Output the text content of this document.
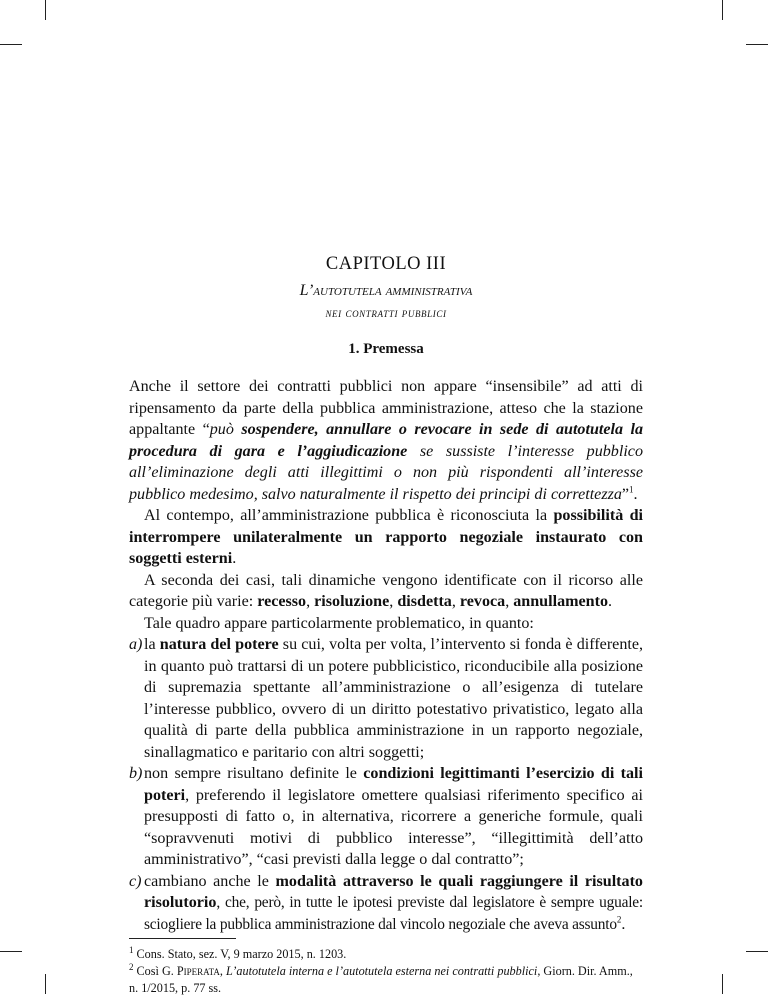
CAPITOLO III
L’autotutela amministrativa
nei contratti pubblici
1. Premessa

Anche il settore dei contratti pubblici non appare “insensibile” ad atti di ripensamento da parte della pubblica amministrazione, atteso che la stazione appaltante “può sospendere, annullare o revocare in sede di autotutela la procedura di gara e l’aggiudicazione se sussiste l’interesse pubblico all’eliminazione degli atti illegittimi o non più rispondenti all’interesse pubblico medesimo, salvo naturalmente il rispetto dei principi di correttezza”$^1$.

Al contempo, all’amministrazione pubblica è riconosciuta la possibilità di interrompere unilateralmente un rapporto negoziale instaurato con soggetti esterni.

A seconda dei casi, tali dinamiche vengono identificate con il ricorso alle categorie più varie: recesso, risoluzione, disdetta, revoca, annullamento.

Tale quadro appare particolarmente problematico, in quanto:

a) la natura del potere su cui, volta per volta, l’intervento si fonda è differente, in quanto può trattarsi di un potere pubblicistico, riconducibile alla posizione di supremazia spettante all’amministrazione o all’esigenza di tutelare l’interesse pubblico, ovvero di un diritto potestativo privatistico, legato alla qualità di parte della pubblica amministrazione in un rapporto negoziale, sinallagmatico e paritario con altri soggetti;
b) non sempre risultano definite le condizioni legittimanti l’esercizio di tali poteri, preferendo il legislatore omettere qualsiasi riferimento specifico ai presupposti di fatto o, in alternativa, ricorrere a generiche formule, quali “sopravvenuti motivi di pubblico interesse”, “illegittimità dell’atto amministrativo”, “casi previsti dalla legge o dal contratto”;
c) cambiano anche le modalità attraverso le quali raggiungere il risultato risolutorio, che, però, in tutte le ipotesi previste dal legislatore è sempre uguale: sciogliere la pubblica amministrazione dal vincolo negoziale che aveva assunto$^2$.
$^1$ Cons. Stato, sez. V, 9 marzo 2015, n. 1203.
$^2$ Così G. Piperata, L’autotutela interna e l’autotutela esterna nei contratti pubblici, Giorn. Dir. Amm., n. 1/2015, p. 77 ss.
